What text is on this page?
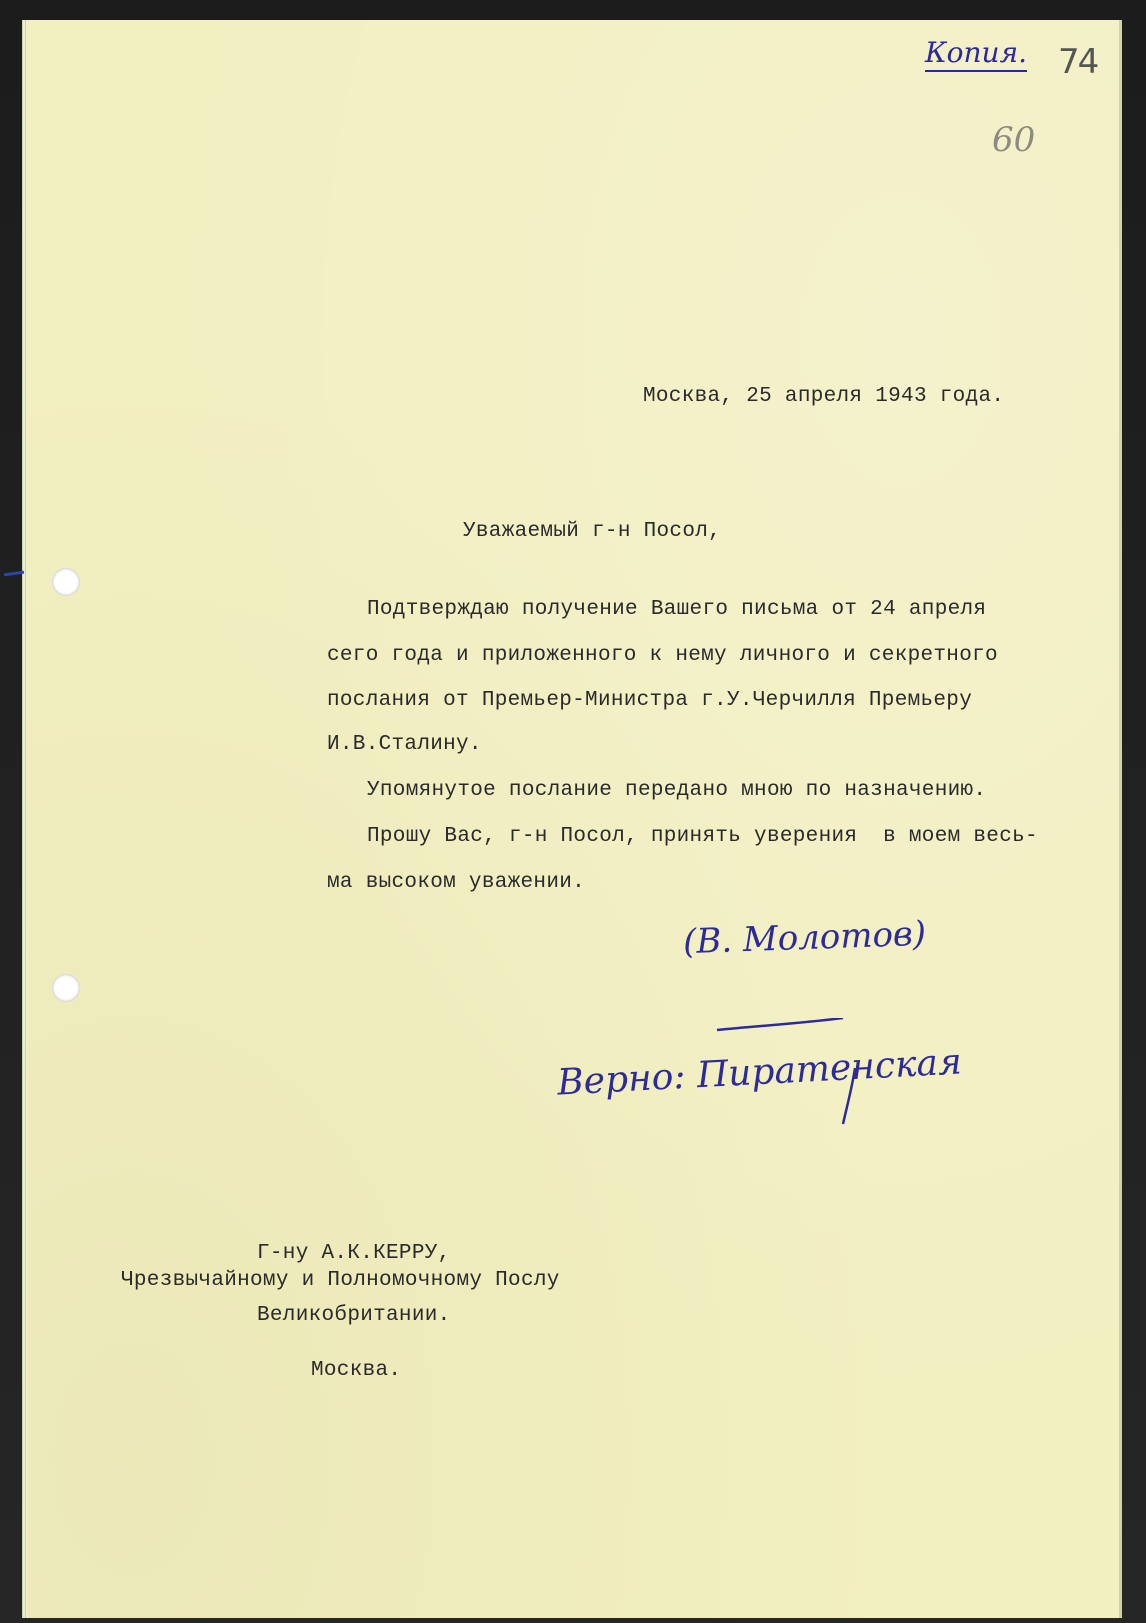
Копия. 74
60
Москва, 25 апреля 1943 года.
Уважаемый г-н Посол,
Подтверждаю получение Вашего письма от 24 апреля
сего года и приложенного к нему личного и секретного
послания от Премьер-Министра г.У.Черчилля Премьеру
И.В.Сталину.
Упомянутое послание передано мною по назначению.
Прошу Вас, г-н Посол, принять уверения  в моем весь-
ма высоком уважении.
(В. Молотов)
Верно: Пиратенская
Г-ну А.К.КЕРРУ,
Чрезвычайному и Полномочному Послу
Великобритании.
Москва.
